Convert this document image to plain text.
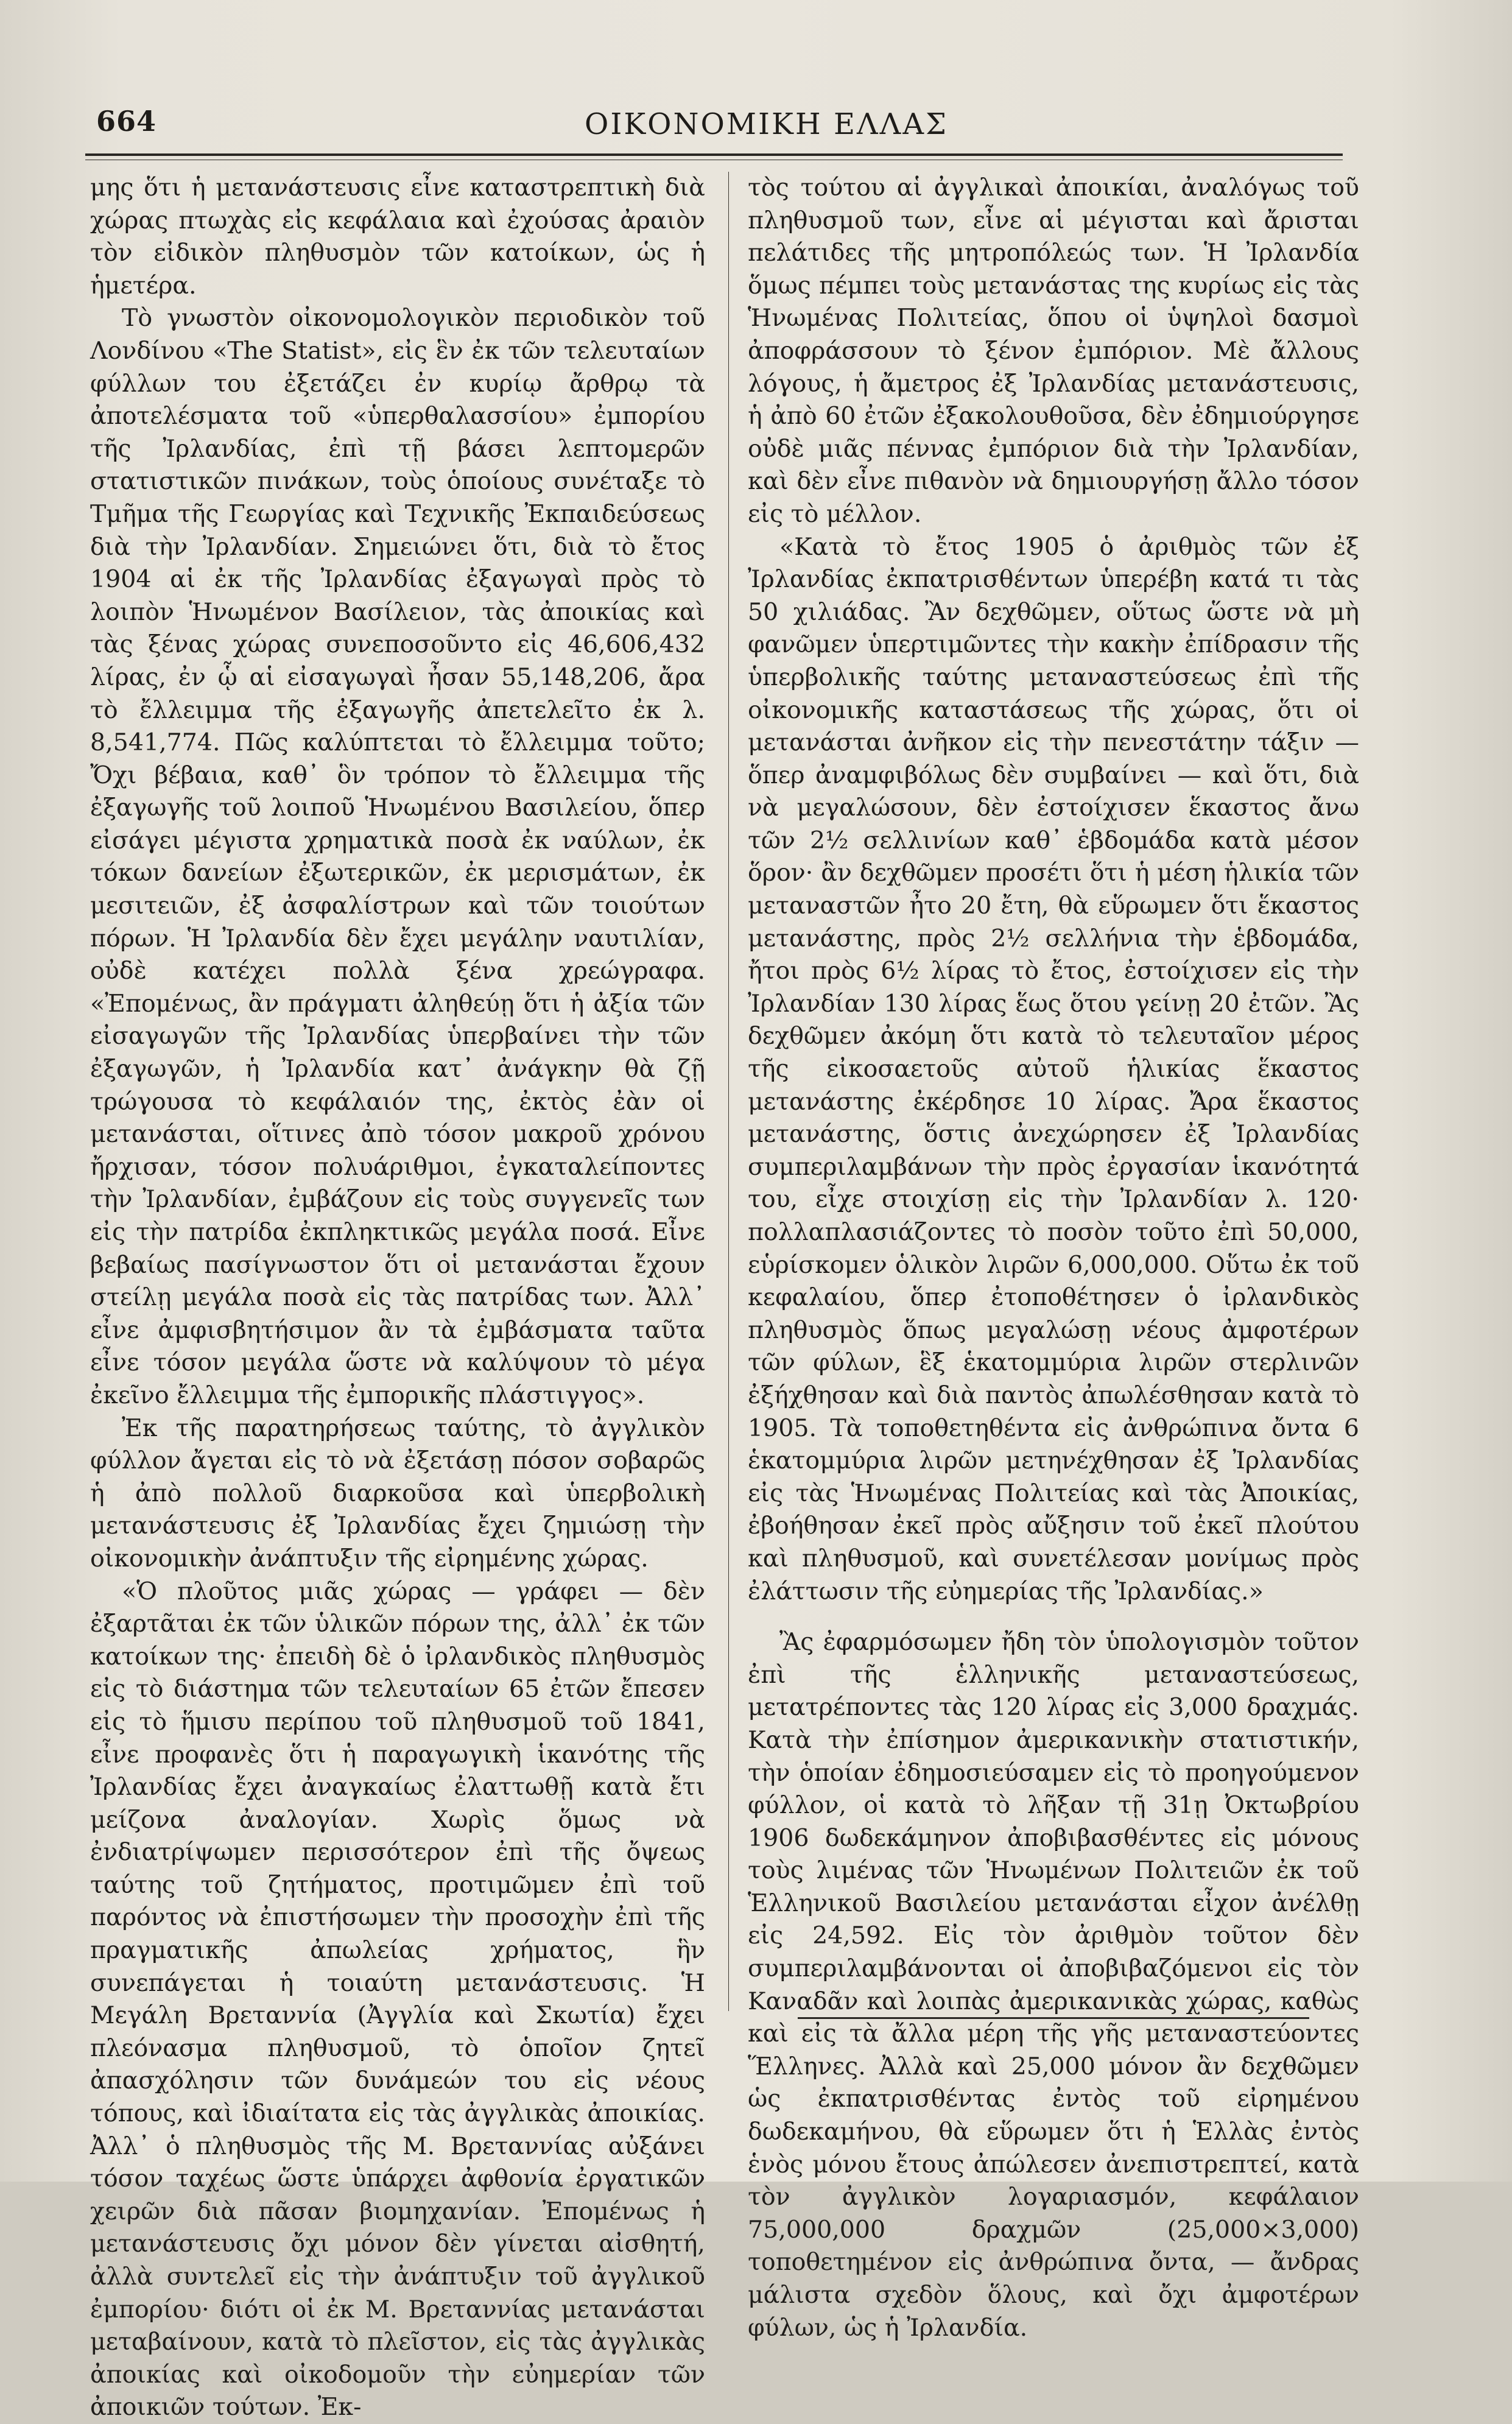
664	ΟΙΚΟΝΟΜΙΚΗ ΕΛΛΑΣ

μης ὅτι ἡ μετανάστευσις εἶνε καταστρεπτικὴ διὰ χώρας πτωχὰς εἰς κεφάλαια καὶ ἐχούσας ἀραιὸν τὸν εἰδικὸν πληθυσμὸν τῶν κατοίκων, ὡς ἡ ἡμετέρα.

Τὸ γνωστὸν οἰκονομολογικὸν περιοδικὸν τοῦ Λονδίνου «The Statist», εἰς ἓν ἐκ τῶν τελευταίων φύλλων του ἐξετάζει ἐν κυρίῳ ἄρθρῳ τὰ ἀποτελέσματα τοῦ «ὑπερθαλασσίου» ἐμπορίου τῆς Ἰρλανδίας, ἐπὶ τῇ βάσει λεπτομερῶν στατιστικῶν πινάκων, τοὺς ὁποίους συνέταξε τὸ Τμῆμα τῆς Γεωργίας καὶ Τεχνικῆς Ἐκπαιδεύσεως διὰ τὴν Ἰρλανδίαν. Σημειώνει ὅτι, διὰ τὸ ἔτος 1904 αἱ ἐκ τῆς Ἰρλανδίας ἐξαγωγαὶ πρὸς τὸ λοιπὸν Ἡνωμένον Βασίλειον, τὰς ἀποικίας καὶ τὰς ξένας χώρας συνεποσοῦντο εἰς 46,606,432 λίρας, ἐν ᾧ αἱ εἰσαγωγαὶ ἦσαν 55,148,206, ἄρα τὸ ἔλλειμμα τῆς ἐξαγωγῆς ἀπετελεῖτο ἐκ λ. 8,541,774. Πῶς καλύπτεται τὸ ἔλλειμμα τοῦτο; Ὄχι βέβαια, καθ᾽ ὃν τρόπον τὸ ἔλλειμμα τῆς ἐξαγωγῆς τοῦ λοιποῦ Ἡνωμένου Βασιλείου, ὅπερ εἰσάγει μέγιστα χρηματικὰ ποσὰ ἐκ ναύλων, ἐκ τόκων δανείων ἐξωτερικῶν, ἐκ μερισμάτων, ἐκ μεσιτειῶν, ἐξ ἀσφαλίστρων καὶ τῶν τοιούτων πόρων. Ἡ Ἰρλανδία δὲν ἔχει μεγάλην ναυτιλίαν, οὐδὲ κατέχει πολλὰ ξένα χρεώγραφα. «Ἐπομένως, ἂν πράγματι ἀληθεύῃ ὅτι ἡ ἀξία τῶν εἰσαγωγῶν τῆς Ἰρλανδίας ὑπερβαίνει τὴν τῶν ἐξαγωγῶν, ἡ Ἰρλανδία κατ᾽ ἀνάγκην θὰ ζῇ τρώγουσα τὸ κεφάλαιόν της, ἐκτὸς ἐὰν οἱ μετανάσται, οἵτινες ἀπὸ τόσον μακροῦ χρόνου ἤρχισαν, τόσον πολυάριθμοι, ἐγκαταλείποντες τὴν Ἰρλανδίαν, ἐμβάζουν εἰς τοὺς συγγενεῖς των εἰς τὴν πατρίδα ἐκπληκτικῶς μεγάλα ποσά. Εἶνε βεβαίως πασίγνωστον ὅτι οἱ μετανάσται ἔχουν στείλῃ μεγάλα ποσὰ εἰς τὰς πατρίδας των. Ἀλλ᾽ εἶνε ἀμφισβητήσιμον ἂν τὰ ἐμβάσματα ταῦτα εἶνε τόσον μεγάλα ὥστε νὰ καλύψουν τὸ μέγα ἐκεῖνο ἔλλειμμα τῆς ἐμπορικῆς πλάστιγγος».

Ἐκ τῆς παρατηρήσεως ταύτης, τὸ ἀγγλικὸν φύλλον ἄγεται εἰς τὸ νὰ ἐξετάσῃ πόσον σοβαρῶς ἡ ἀπὸ πολλοῦ διαρκοῦσα καὶ ὑπερβολικὴ μετανάστευσις ἐξ Ἰρλανδίας ἔχει ζημιώσῃ τὴν οἰκονομικὴν ἀνάπτυξιν τῆς εἰρημένης χώρας.

«Ὁ πλοῦτος μιᾶς χώρας — γράφει — δὲν ἐξαρτᾶται ἐκ τῶν ὑλικῶν πόρων της, ἀλλ᾽ ἐκ τῶν κατοίκων της· ἐπειδὴ δὲ ὁ ἰρλανδικὸς πληθυσμὸς εἰς τὸ διάστημα τῶν τελευταίων 65 ἐτῶν ἔπεσεν εἰς τὸ ἥμισυ περίπου τοῦ πληθυσμοῦ τοῦ 1841, εἶνε προφανὲς ὅτι ἡ παραγωγικὴ ἱκανότης τῆς Ἰρλανδίας ἔχει ἀναγκαίως ἐλαττωθῇ κατὰ ἔτι μείζονα ἀναλογίαν. Χωρὶς ὅμως νὰ ἐνδιατρίψωμεν περισσότερον ἐπὶ τῆς ὄψεως ταύτης τοῦ ζητήματος, προτιμῶμεν ἐπὶ τοῦ παρόντος νὰ ἐπιστήσωμεν τὴν προσοχὴν ἐπὶ τῆς πραγματικῆς ἀπωλείας χρήματος, ἣν συνεπάγεται ἡ τοιαύτη μετανάστευσις. Ἡ Μεγάλη Βρεταννία (Ἀγγλία καὶ Σκωτία) ἔχει πλεόνασμα πληθυσμοῦ, τὸ ὁποῖον ζητεῖ ἀπασχόλησιν τῶν δυνάμεών του εἰς νέους τόπους, καὶ ἰδιαίτατα εἰς τὰς ἀγγλικὰς ἀποικίας. Ἀλλ᾽ ὁ πληθυσμὸς τῆς Μ. Βρεταννίας αὐξάνει τόσον ταχέως ὥστε ὑπάρχει ἀφθονία ἐργατικῶν χειρῶν διὰ πᾶσαν βιομηχανίαν. Ἐπομένως ἡ μετανάστευσις ὄχι μόνον δὲν γίνεται αἰσθητή, ἀλλὰ συντελεῖ εἰς τὴν ἀνάπτυξιν τοῦ ἀγγλικοῦ ἐμπορίου· διότι οἱ ἐκ Μ. Βρεταννίας μετανάσται μεταβαίνουν, κατὰ τὸ πλεῖστον, εἰς τὰς ἀγγλικὰς ἀποικίας καὶ οἰκοδομοῦν τὴν εὐημερίαν τῶν ἀποικιῶν τούτων. Ἐκ-

τὸς τούτου αἱ ἀγγλικαὶ ἀποικίαι, ἀναλόγως τοῦ πληθυσμοῦ των, εἶνε αἱ μέγισται καὶ ἄρισται πελάτιδες τῆς μητροπόλεώς των. Ἡ Ἰρλανδία ὅμως πέμπει τοὺς μετανάστας της κυρίως εἰς τὰς Ἡνωμένας Πολιτείας, ὅπου οἱ ὑψηλοὶ δασμοὶ ἀποφράσσουν τὸ ξένον ἐμπόριον. Μὲ ἄλλους λόγους, ἡ ἄμετρος ἐξ Ἰρλανδίας μετανάστευσις, ἡ ἀπὸ 60 ἐτῶν ἐξακολουθοῦσα, δὲν ἐδημιούργησε οὐδὲ μιᾶς πέννας ἐμπόριον διὰ τὴν Ἰρλανδίαν, καὶ δὲν εἶνε πιθανὸν νὰ δημιουργήσῃ ἄλλο τόσον εἰς τὸ μέλλον.

«Κατὰ τὸ ἔτος 1905 ὁ ἀριθμὸς τῶν ἐξ Ἰρλανδίας ἐκπατρισθέντων ὑπερέβη κατά τι τὰς 50 χιλιάδας. Ἂν δεχθῶμεν, οὕτως ὥστε νὰ μὴ φανῶμεν ὑπερτιμῶντες τὴν κακὴν ἐπίδρασιν τῆς ὑπερβολικῆς ταύτης μεταναστεύσεως ἐπὶ τῆς οἰκονομικῆς καταστάσεως τῆς χώρας, ὅτι οἱ μετανάσται ἀνῆκον εἰς τὴν πενεστάτην τάξιν — ὅπερ ἀναμφιβόλως δὲν συμβαίνει — καὶ ὅτι, διὰ νὰ μεγαλώσουν, δὲν ἐστοίχισεν ἕκαστος ἄνω τῶν 2½ σελλινίων καθ᾽ ἑβδομάδα κατὰ μέσον ὅρον· ἂν δεχθῶμεν προσέτι ὅτι ἡ μέση ἡλικία τῶν μεταναστῶν ἦτο 20 ἔτη, θὰ εὕρωμεν ὅτι ἕκαστος μετανάστης, πρὸς 2½ σελλήνια τὴν ἑβδομάδα, ἤτοι πρὸς 6½ λίρας τὸ ἔτος, ἐστοίχισεν εἰς τὴν Ἰρλανδίαν 130 λίρας ἕως ὅτου γείνῃ 20 ἐτῶν. Ἂς δεχθῶμεν ἀκόμη ὅτι κατὰ τὸ τελευταῖον μέρος τῆς εἰκοσαετοῦς αὐτοῦ ἡλικίας ἕκαστος μετανάστης ἐκέρδησε 10 λίρας. Ἄρα ἕκαστος μετανάστης, ὅστις ἀνεχώρησεν ἐξ Ἰρλανδίας συμπεριλαμβάνων τὴν πρὸς ἐργασίαν ἱκανότητά του, εἶχε στοιχίσῃ εἰς τὴν Ἰρλανδίαν λ. 120· πολλαπλασιάζοντες τὸ ποσὸν τοῦτο ἐπὶ 50,000, εὑρίσκομεν ὁλικὸν λιρῶν 6,000,000. Οὕτω ἐκ τοῦ κεφαλαίου, ὅπερ ἐτοποθέτησεν ὁ ἰρλανδικὸς πληθυσμὸς ὅπως μεγαλώσῃ νέους ἀμφοτέρων τῶν φύλων, ἓξ ἑκατομμύρια λιρῶν στερλινῶν ἐξήχθησαν καὶ διὰ παντὸς ἀπωλέσθησαν κατὰ τὸ 1905. Τὰ τοποθετηθέντα εἰς ἀνθρώπινα ὄντα 6 ἑκατομμύρια λιρῶν μετηνέχθησαν ἐξ Ἰρλανδίας εἰς τὰς Ἡνωμένας Πολιτείας καὶ τὰς Ἀποικίας, ἐβοήθησαν ἐκεῖ πρὸς αὔξησιν τοῦ ἐκεῖ πλούτου καὶ πληθυσμοῦ, καὶ συνετέλεσαν μονίμως πρὸς ἐλάττωσιν τῆς εὐημερίας τῆς Ἰρλανδίας.»

Ἂς ἐφαρμόσωμεν ἤδη τὸν ὑπολογισμὸν τοῦτον ἐπὶ τῆς ἑλληνικῆς μεταναστεύσεως, μετατρέποντες τὰς 120 λίρας εἰς 3,000 δραχμάς. Κατὰ τὴν ἐπίσημον ἀμερικανικὴν στατιστικήν, τὴν ὁποίαν ἐδημοσιεύσαμεν εἰς τὸ προηγούμενον φύλλον, οἱ κατὰ τὸ λῆξαν τῇ 31ῃ Ὀκτωβρίου 1906 δωδεκάμηνον ἀποβιβασθέντες εἰς μόνους τοὺς λιμένας τῶν Ἡνωμένων Πολιτειῶν ἐκ τοῦ Ἑλληνικοῦ Βασιλείου μετανάσται εἶχον ἀνέλθῃ εἰς 24,592. Εἰς τὸν ἀριθμὸν τοῦτον δὲν συμπεριλαμβάνονται οἱ ἀποβιβαζόμενοι εἰς τὸν Καναδᾶν καὶ λοιπὰς ἀμερικανικὰς χώρας, καθὼς καὶ εἰς τὰ ἄλλα μέρη τῆς γῆς μεταναστεύοντες Ἕλληνες. Ἀλλὰ καὶ 25,000 μόνον ἂν δεχθῶμεν ὡς ἐκπατρισθέντας ἐντὸς τοῦ εἰρημένου δωδεκαμήνου, θὰ εὕρωμεν ὅτι ἡ Ἑλλὰς ἐντὸς ἑνὸς μόνου ἔτους ἀπώλεσεν ἀνεπιστρεπτεί, κατὰ τὸν ἀγγλικὸν λογαριασμόν, κεφάλαιον 75,000,000 δραχμῶν (25,000×3,000) τοποθετημένον εἰς ἀνθρώπινα ὄντα, — ἄνδρας μάλιστα σχεδὸν ὅλους, καὶ ὄχι ἀμφοτέρων φύλων, ὡς ἡ Ἰρλανδία.
